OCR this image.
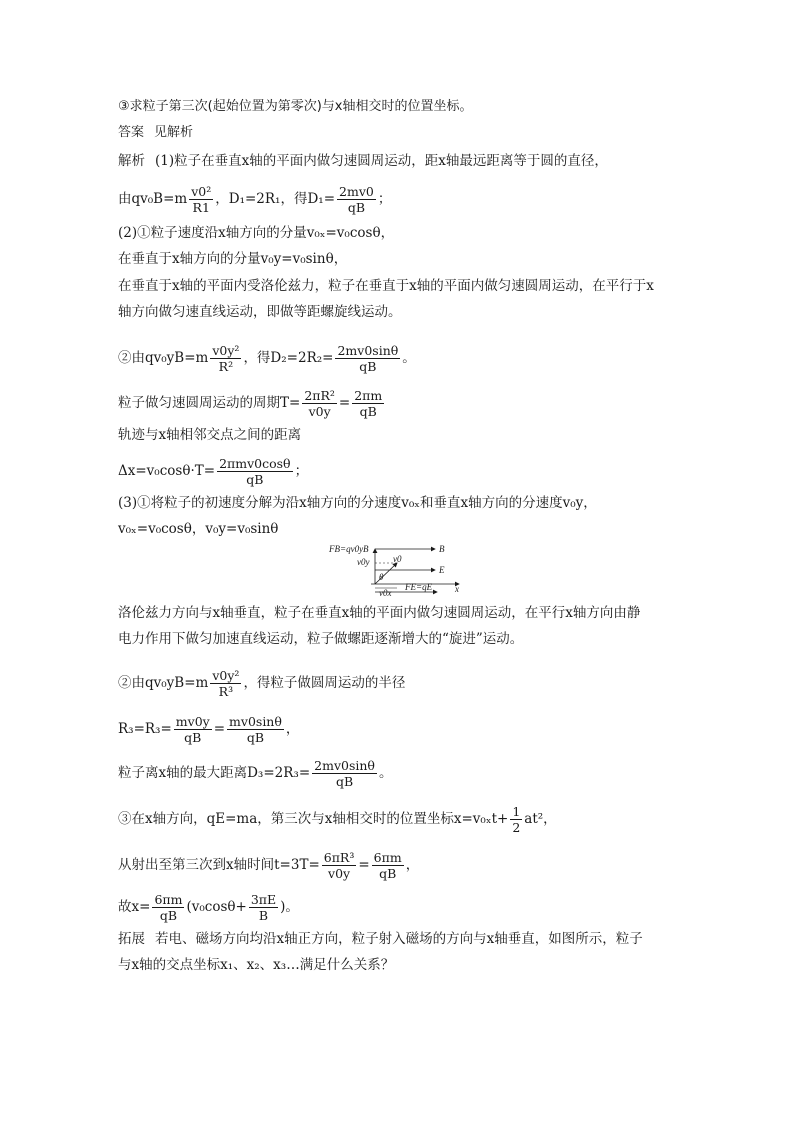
③求粒子第三次(起始位置为第零次)与x轴相交时的位置坐标。
答案 见解析
解析 (1)粒子在垂直x轴的平面内做匀速圆周运动，距x轴最远距离等于圆的直径，
由$qv_0B=m \frac{\text{v0²}}{R1}$ ，D₁=2R₁，得$D_1= \frac{2mv0}{qB}$ ；
(2)①粒子速度沿x轴方向的分量v₀ₓ=v₀cosθ，
在垂直于x轴方向的分量v₀y=v₀sinθ，
在垂直于x轴的平面内受洛伦兹力，粒子在垂直于x轴的平面内做匀速圆周运动，在平行于x
轴方向做匀速直线运动，即做等距螺旋线运动。
②由$qv_0yB=m \frac{\text{v0y²}}{\text{R²}}$ ，得$D_2=2R_2= \frac{2mv0\sin\theta}{qB}$ 。
粒子做匀速圆周运动的周期$T= \frac{\text{2πR²}}{v0y} = \frac{2\pi m}{qB}$
轨迹与x轴相邻交点之间的距离
$\Delta x=v_0\cos\theta\cdot T= \frac{\text{2πmv0cosθ}}{qB}$ ；
(3)①将粒子的初速度分解为沿x轴方向的分速度v₀ₓ和垂直x轴方向的分速度v₀y，
v₀ₓ=v₀cosθ，v₀y=v₀sinθ
FB=qv0yB	B
v0y	v0
E
θ
v0x
FE=qE	x
洛伦兹力方向与x轴垂直，粒子在垂直x轴的平面内做匀速圆周运动，在平行x轴方向由静
电力作用下做匀加速直线运动，粒子做螺距逐渐增大的“旋进”运动。
②由$qv_0yB=m \frac{\text{v0y²}}{\text{R³}}$ ，得粒子做圆周运动的半径
$R_3=R_3= \frac{mv0y}{qB} = \frac{mv0\sin\theta}{qB}$ ，
粒子离x轴的最大距离$D_3=2R_3= \frac{2mv0\sin\theta}{qB}$ 。
③在x轴方向，qE=ma，第三次与x轴相交时的位置坐标$x=v_{0x}t+ \frac{1}{2} at^2$，
从射出至第三次到x轴时间$t=3T= \frac{\text{6πR³}}{v0y} = \frac{6\pi m}{qB}$ ，
故$x= \frac{6\pi m}{qB} (v_0\cos\theta+ \frac{3\pi E}{B}$ )。
拓展 若电、磁场方向均沿x轴正方向，粒子射入磁场的方向与x轴垂直，如图所示，粒子
与x轴的交点坐标x₁、x₂、x₃…满足什么关系？
